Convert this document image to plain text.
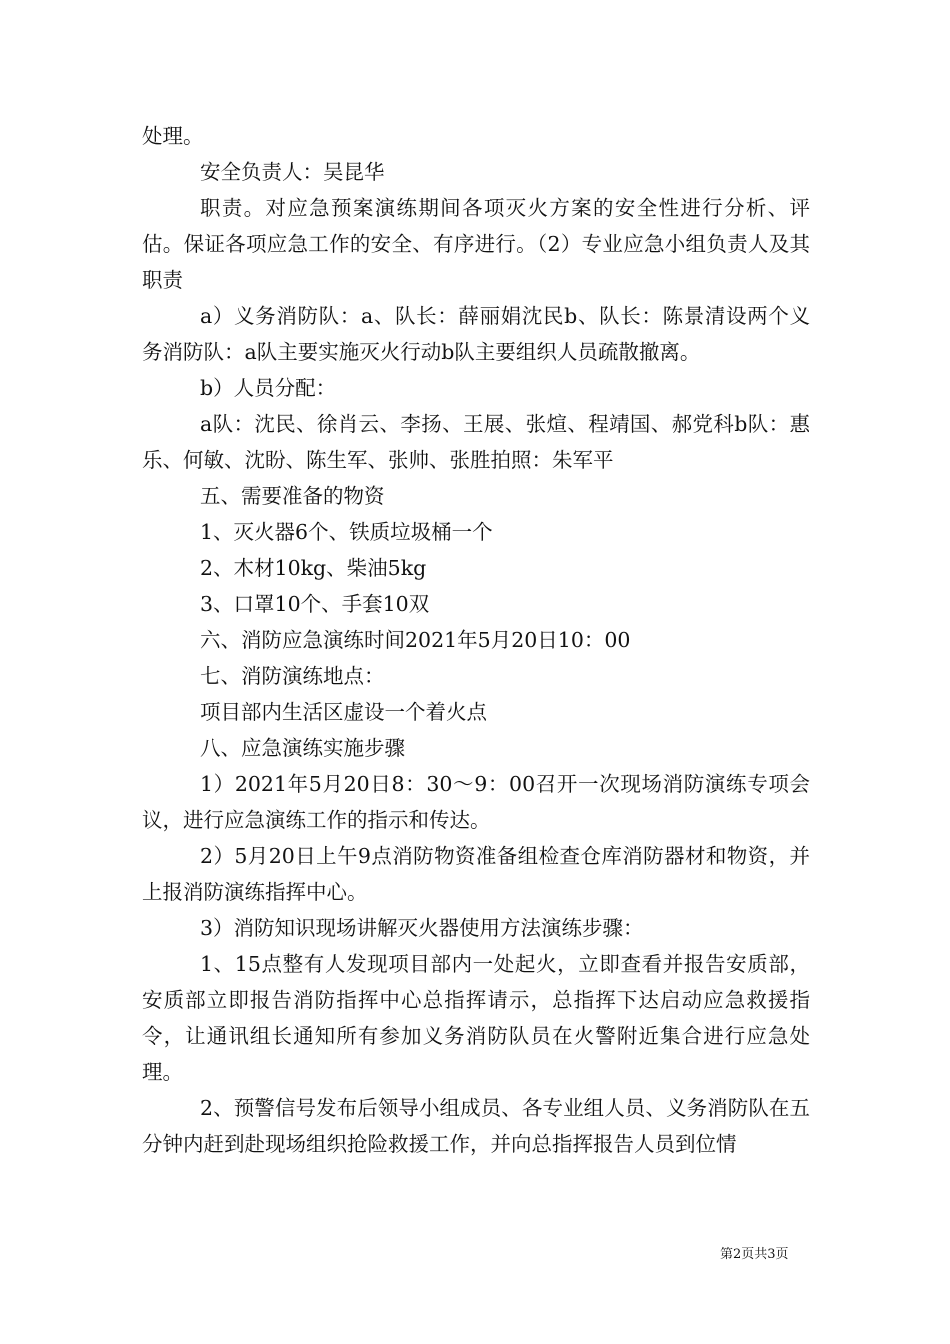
处理。

安全负责人：吴昆华

职责。对应急预案演练期间各项灭火方案的安全性进行分析、评估。保证各项应急工作的安全、有序进行。（2）专业应急小组负责人及其职责

a）义务消防队：a、队长：薛丽娟沈民b、队长：陈景清设两个义务消防队：a队主要实施灭火行动b队主要组织人员疏散撤离。

b）人员分配：

a队：沈民、徐肖云、李扬、王展、张煊、程靖国、郝党科b队：惠乐、何敏、沈盼、陈生军、张帅、张胜拍照：朱军平

五、需要准备的物资

1、灭火器6个、铁质垃圾桶一个

2、木材10kg、柴油5kg

3、口罩10个、手套10双

六、消防应急演练时间2021年5月20日10：00

七、消防演练地点：

项目部内生活区虚设一个着火点

八、应急演练实施步骤

1）2021年5月20日8：30～9：00召开一次现场消防演练专项会议，进行应急演练工作的指示和传达。

2）5月20日上午9点消防物资准备组检查仓库消防器材和物资，并上报消防演练指挥中心。

3）消防知识现场讲解灭火器使用方法演练步骤：

1、15点整有人发现项目部内一处起火，立即查看并报告安质部，安质部立即报告消防指挥中心总指挥请示，总指挥下达启动应急救援指令，让通讯组长通知所有参加义务消防队员在火警附近集合进行应急处理。

2、预警信号发布后领导小组成员、各专业组人员、义务消防队在五分钟内赶到赴现场组织抢险救援工作，并向总指挥报告人员到位情

第2页共3页
